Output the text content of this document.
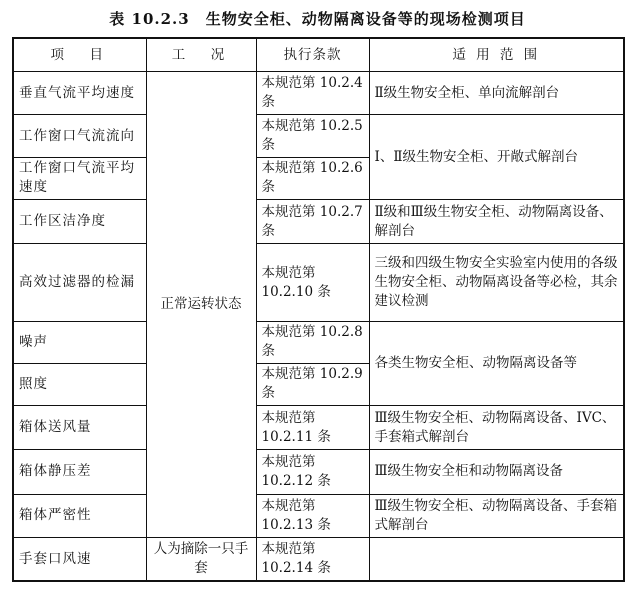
表 10.2.3　生物安全柜、动物隔离设备等的现场检测项目
项　目	工　况	执行条款	适 用 范 围
垂直气流平均速度	正常运转状态	本规范第 10.2.4 条	Ⅱ级生物安全柜、单向流解剖台
工作窗口气流流向		本规范第 10.2.5 条	Ⅰ、Ⅱ级生物安全柜、开敞式解剖台
工作窗口气流平均速度		本规范第 10.2.6 条	
工作区洁净度		本规范第 10.2.7 条	Ⅱ级和Ⅲ级生物安全柜、动物隔离设备、解剖台
高效过滤器的检漏		本规范第 10.2.10 条	三级和四级生物安全实验室内使用的各级生物安全柜、动物隔离设备等必检，其余建议检测
噪声		本规范第 10.2.8 条	各类生物安全柜、动物隔离设备等
照度		本规范第 10.2.9 条	
箱体送风量		本规范第 10.2.11 条	Ⅲ级生物安全柜、动物隔离设备、IVC、手套箱式解剖台
箱体静压差		本规范第 10.2.12 条	Ⅲ级生物安全柜和动物隔离设备
箱体严密性		本规范第 10.2.13 条	Ⅲ级生物安全柜、动物隔离设备、手套箱式解剖台
手套口风速	人为摘除一只手套	本规范第 10.2.14 条	
